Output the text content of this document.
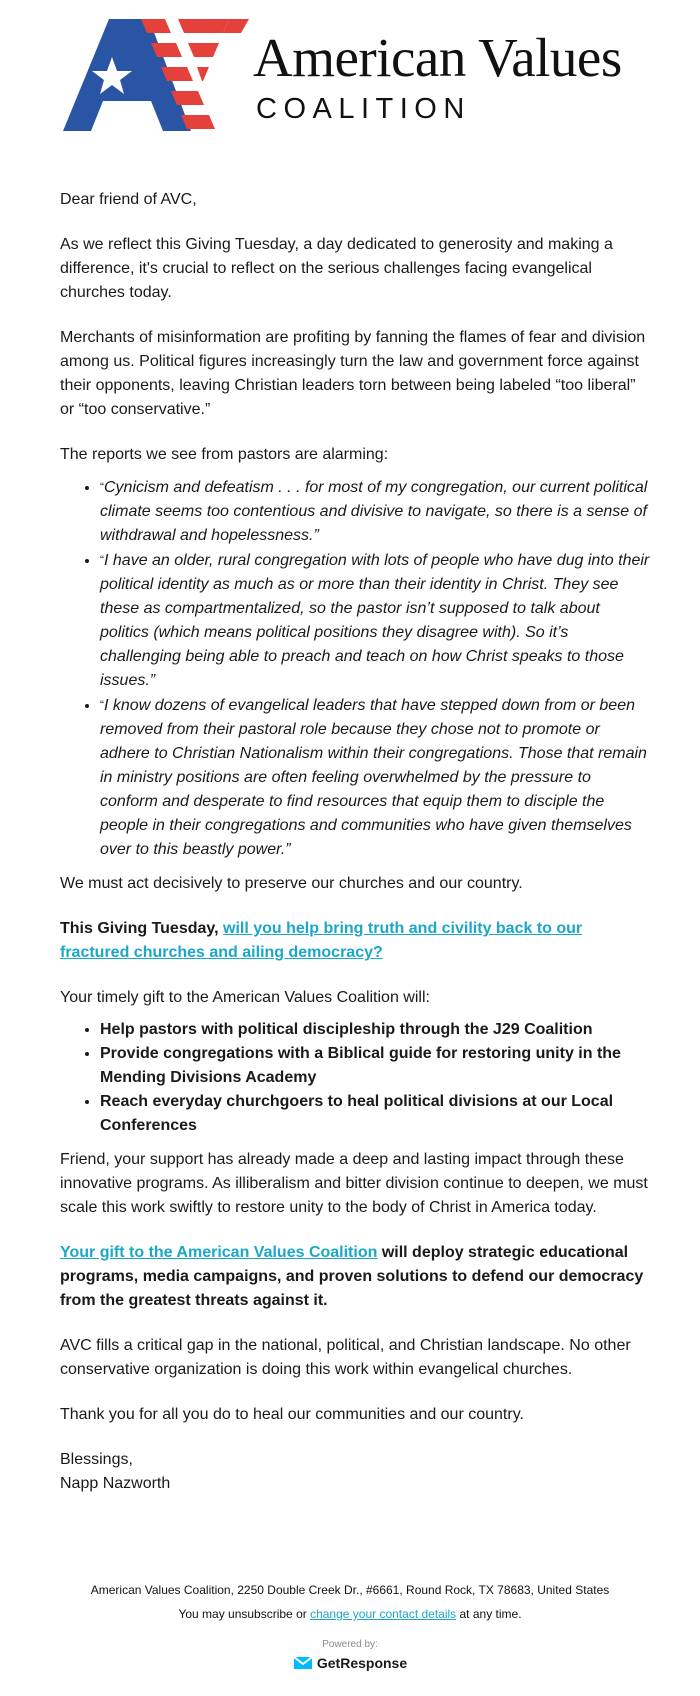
American Values
COALITION

Dear friend of AVC,

As we reflect this Giving Tuesday, a day dedicated to generosity and making a difference, it's crucial to reflect on the serious challenges facing evangelical churches today.

Merchants of misinformation are profiting by fanning the flames of fear and division among us. Political figures increasingly turn the law and government force against their opponents, leaving Christian leaders torn between being labeled “too liberal” or “too conservative.”

The reports we see from pastors are alarming:

• “Cynicism and defeatism . . . for most of my congregation, our current political climate seems too contentious and divisive to navigate, so there is a sense of withdrawal and hopelessness.”
• “I have an older, rural congregation with lots of people who have dug into their political identity as much as or more than their identity in Christ. They see these as compartmentalized, so the pastor isn’t supposed to talk about politics (which means political positions they disagree with). So it’s challenging being able to preach and teach on how Christ speaks to those issues.”
• “I know dozens of evangelical leaders that have stepped down from or been removed from their pastoral role because they chose not to promote or adhere to Christian Nationalism within their congregations. Those that remain in ministry positions are often feeling overwhelmed by the pressure to conform and desperate to find resources that equip them to disciple the people in their congregations and communities who have given themselves over to this beastly power.”

We must act decisively to preserve our churches and our country.

This Giving Tuesday, will you help bring truth and civility back to our fractured churches and ailing democracy?

Your timely gift to the American Values Coalition will:

• Help pastors with political discipleship through the J29 Coalition
• Provide congregations with a Biblical guide for restoring unity in the Mending Divisions Academy
• Reach everyday churchgoers to heal political divisions at our Local Conferences

Friend, your support has already made a deep and lasting impact through these innovative programs. As illiberalism and bitter division continue to deepen, we must scale this work swiftly to restore unity to the body of Christ in America today.

Your gift to the American Values Coalition will deploy strategic educational programs, media campaigns, and proven solutions to defend our democracy from the greatest threats against it.

AVC fills a critical gap in the national, political, and Christian landscape. No other conservative organization is doing this work within evangelical churches.

Thank you for all you do to heal our communities and our country.

Blessings,
Napp Nazworth

American Values Coalition, 2250 Double Creek Dr., #6661, Round Rock, TX 78683, United States
You may unsubscribe or change your contact details at any time.
Powered by:
GetResponse
